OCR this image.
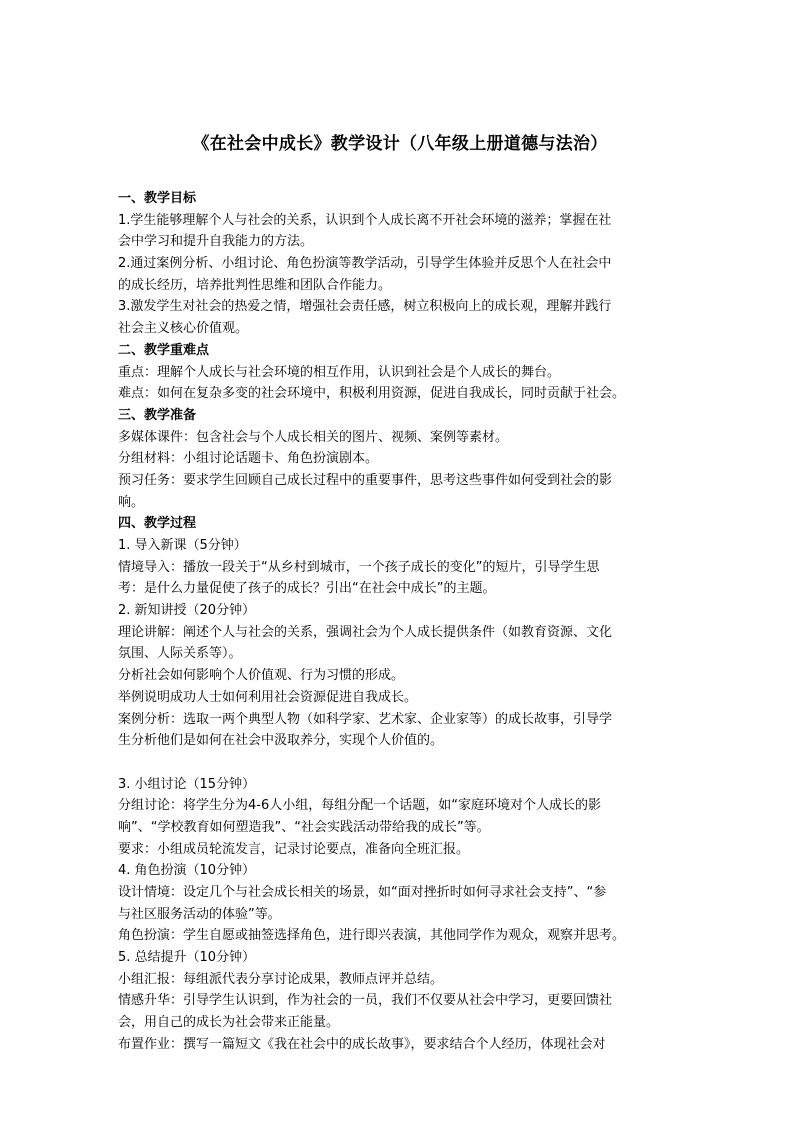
《在社会中成长》教学设计（八年级上册道德与法治）
一、教学目标
1.学生能够理解个人与社会的关系，认识到个人成长离不开社会环境的滋养；掌握在社
会中学习和提升自我能力的方法。
2.通过案例分析、小组讨论、角色扮演等教学活动，引导学生体验并反思个人在社会中
的成长经历，培养批判性思维和团队合作能力。
3.激发学生对社会的热爱之情，增强社会责任感，树立积极向上的成长观，理解并践行
社会主义核心价值观。
二、教学重难点
重点：理解个人成长与社会环境的相互作用，认识到社会是个人成长的舞台。
难点：如何在复杂多变的社会环境中，积极利用资源，促进自我成长，同时贡献于社会。
三、教学准备
多媒体课件：包含社会与个人成长相关的图片、视频、案例等素材。
分组材料：小组讨论话题卡、角色扮演剧本。
预习任务：要求学生回顾自己成长过程中的重要事件，思考这些事件如何受到社会的影
响。
四、教学过程
1. 导入新课（5分钟）
情境导入：播放一段关于“从乡村到城市，一个孩子成长的变化”的短片，引导学生思
考：是什么力量促使了孩子的成长？引出“在社会中成长”的主题。
2. 新知讲授（20分钟）
理论讲解：阐述个人与社会的关系，强调社会为个人成长提供条件（如教育资源、文化
氛围、人际关系等）。
分析社会如何影响个人价值观、行为习惯的形成。
举例说明成功人士如何利用社会资源促进自我成长。
案例分析：选取一两个典型人物（如科学家、艺术家、企业家等）的成长故事，引导学
生分析他们是如何在社会中汲取养分，实现个人价值的。
3. 小组讨论（15分钟）
分组讨论：将学生分为4-6人小组，每组分配一个话题，如“家庭环境对个人成长的影
响”、“学校教育如何塑造我”、“社会实践活动带给我的成长”等。
要求：小组成员轮流发言，记录讨论要点，准备向全班汇报。
4. 角色扮演（10分钟）
设计情境：设定几个与社会成长相关的场景，如“面对挫折时如何寻求社会支持”、“参
与社区服务活动的体验”等。
角色扮演：学生自愿或抽签选择角色，进行即兴表演，其他同学作为观众，观察并思考。
5. 总结提升（10分钟）
小组汇报：每组派代表分享讨论成果，教师点评并总结。
情感升华：引导学生认识到，作为社会的一员，我们不仅要从社会中学习，更要回馈社
会，用自己的成长为社会带来正能量。
布置作业：撰写一篇短文《我在社会中的成长故事》，要求结合个人经历，体现社会对
